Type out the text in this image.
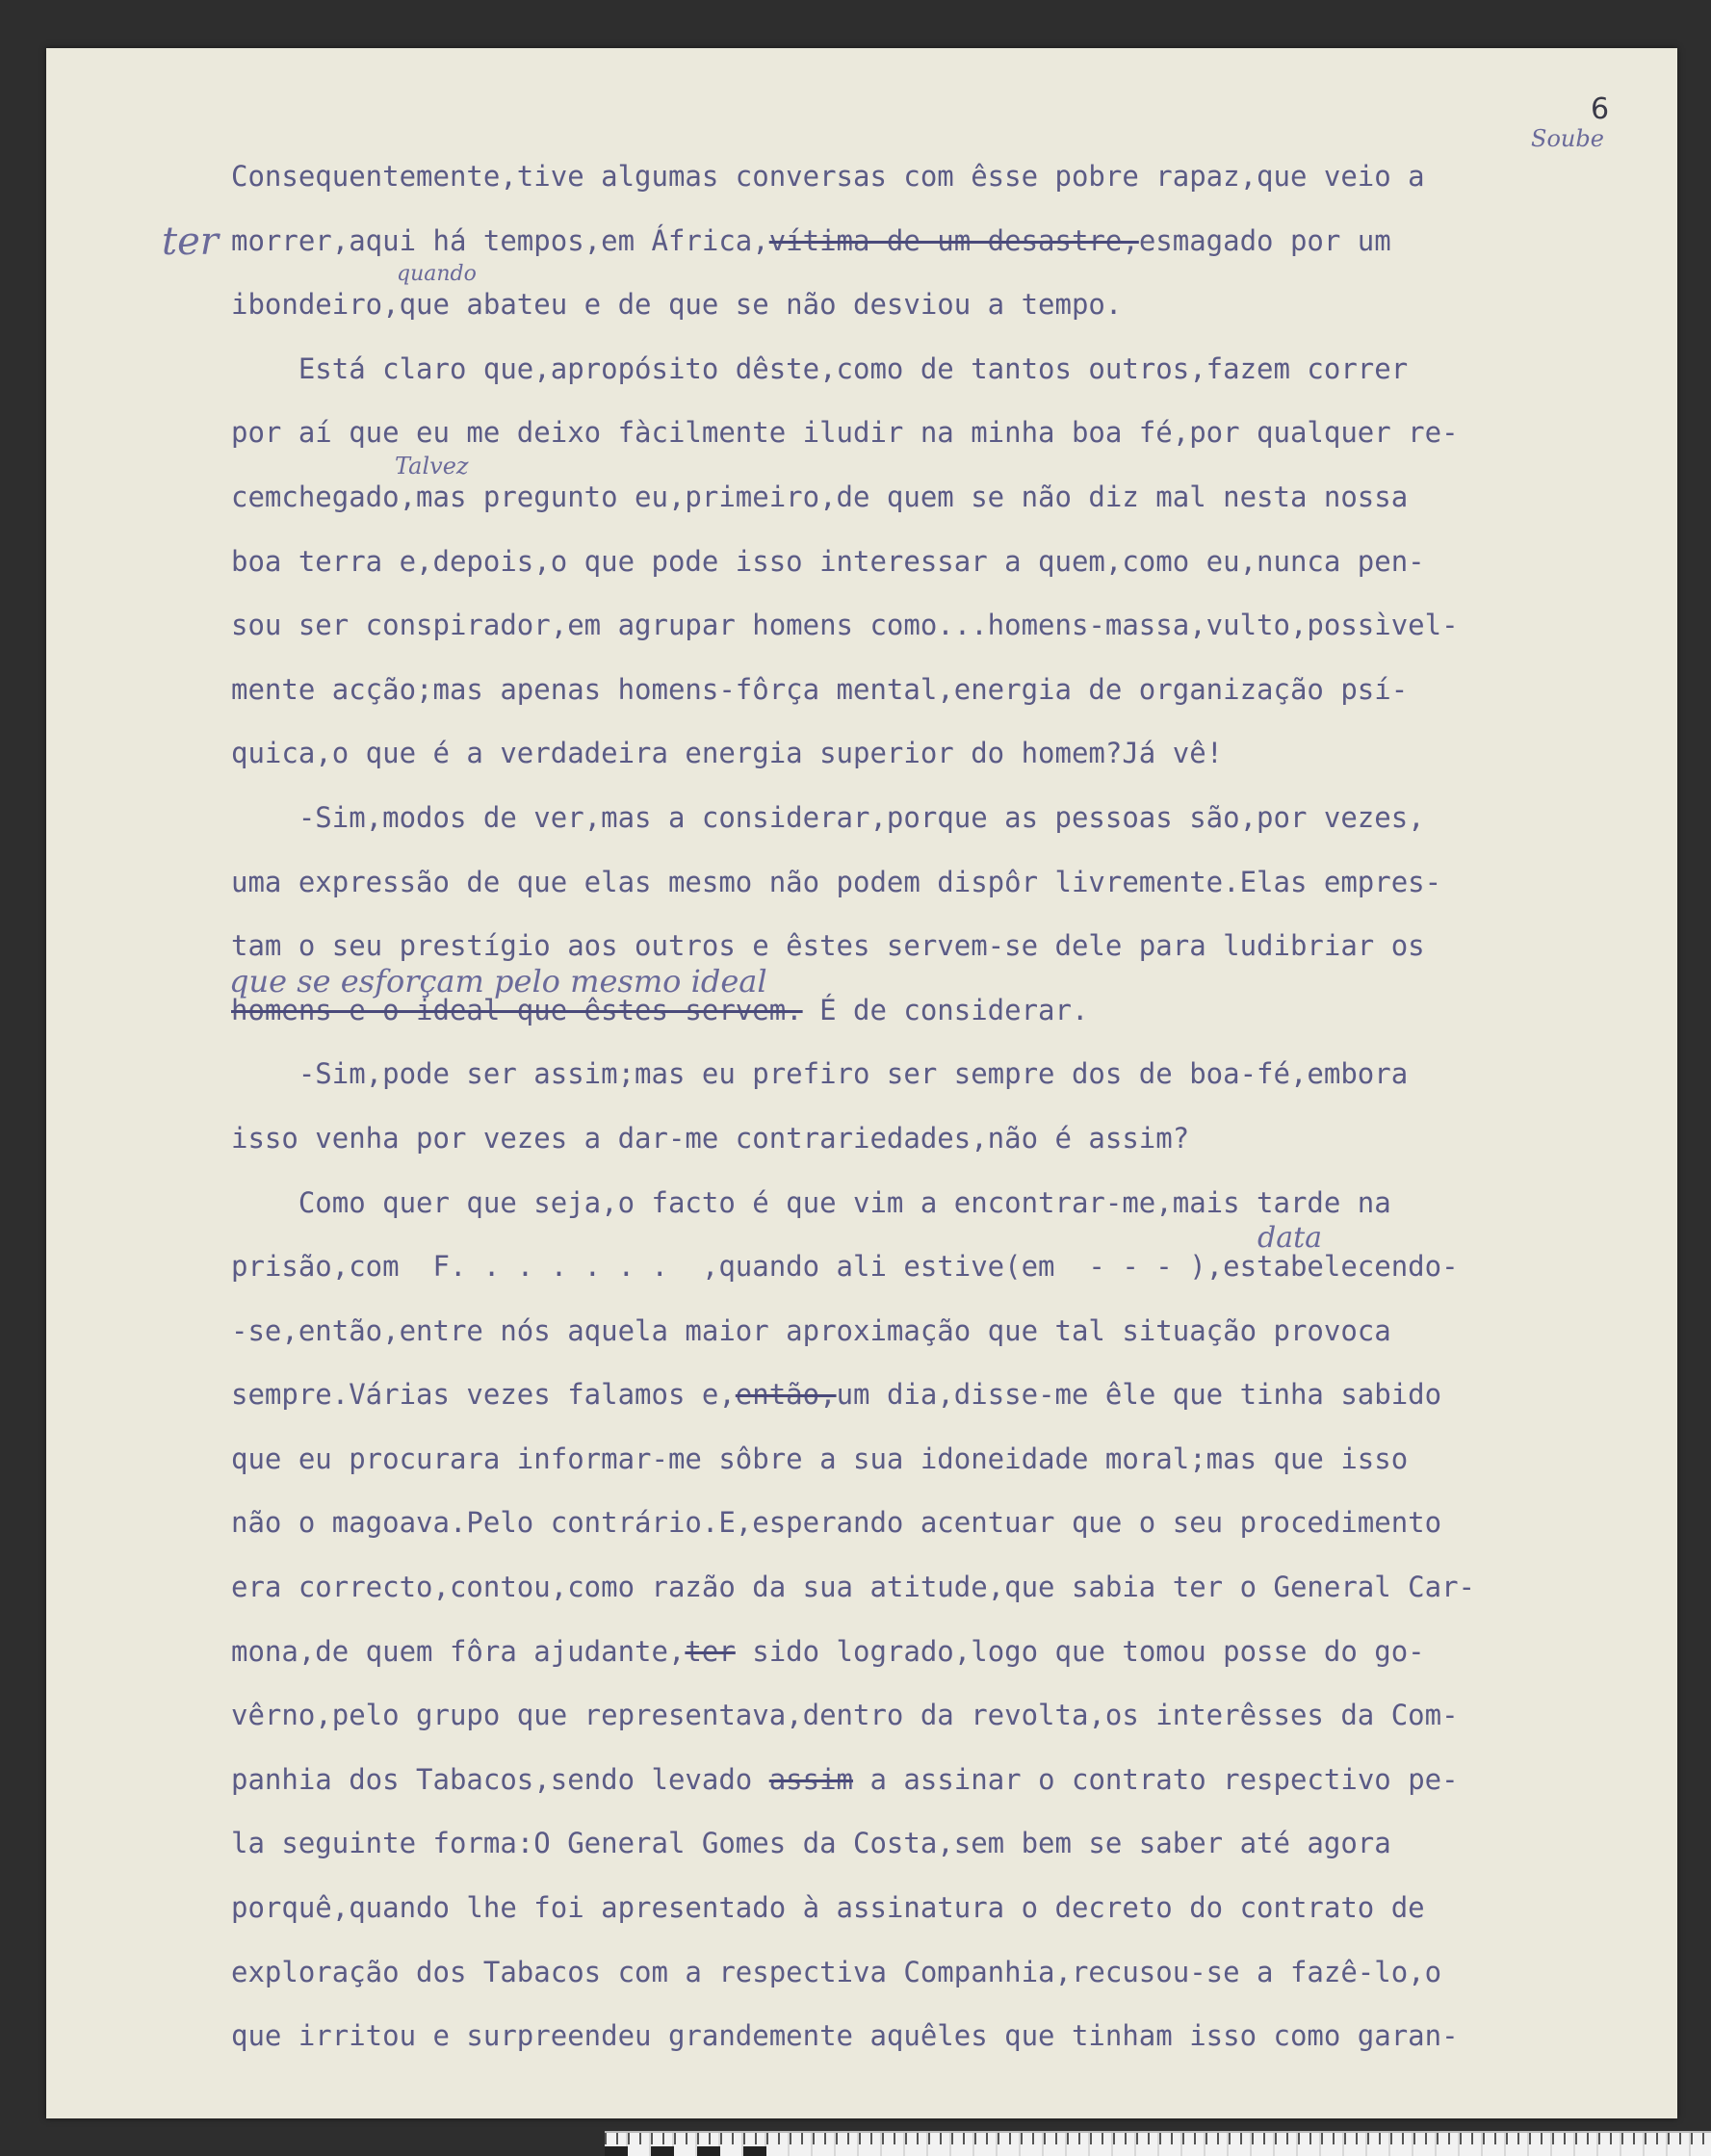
6
Soube
ter
quando
Talvez
que se esforçam pelo mesmo ideal
data
Consequentemente,tive algumas conversas com êsse pobre rapaz,que veio a
morrer,aqui há tempos,em África,vítima de um desastre,esmagado por um
ibondeiro,que abateu e de que se não desviou a tempo.
Está claro que,apropósito dêste,como de tantos outros,fazem correr
por aí que eu me deixo fàcilmente iludir na minha boa fé,por qualquer re-
cemchegado,mas pregunto eu,primeiro,de quem se não diz mal nesta nossa
boa terra e,depois,o que pode isso interessar a quem,como eu,nunca pen-
sou ser conspirador,em agrupar homens como...homens-massa,vulto,possìvel-
mente acção;mas apenas homens-fôrça mental,energia de organização psí-
quica,o que é a verdadeira energia superior do homem?Já vê!
-Sim,modos de ver,mas a considerar,porque as pessoas são,por vezes,
uma expressão de que elas mesmo não podem dispôr livremente.Elas empres-
tam o seu prestígio aos outros e êstes servem-se dele para ludibriar os
homens e o ideal que êstes servem. É de considerar.
-Sim,pode ser assim;mas eu prefiro ser sempre dos de boa-fé,embora
isso venha por vezes a dar-me contrariedades,não é assim?
Como quer que seja,o facto é que vim a encontrar-me,mais tarde na
prisão,com  F. . . . . . .  ,quando ali estive(em  - - - ),estabelecendo-
-se,então,entre nós aquela maior aproximação que tal situação provoca
sempre.Várias vezes falamos e,então,um dia,disse-me êle que tinha sabido
que eu procurara informar-me sôbre a sua idoneidade moral;mas que isso
não o magoava.Pelo contrário.E,esperando acentuar que o seu procedimento
era correcto,contou,como razão da sua atitude,que sabia ter o General Car-
mona,de quem fôra ajudante,ter sido logrado,logo que tomou posse do go-
vêrno,pelo grupo que representava,dentro da revolta,os interêsses da Com-
panhia dos Tabacos,sendo levado assim a assinar o contrato respectivo pe-
la seguinte forma:O General Gomes da Costa,sem bem se saber até agora
porquê,quando lhe foi apresentado à assinatura o decreto do contrato de
exploração dos Tabacos com a respectiva Companhia,recusou-se a fazê-lo,o
que irritou e surpreendeu grandemente aquêles que tinham isso como garan-
